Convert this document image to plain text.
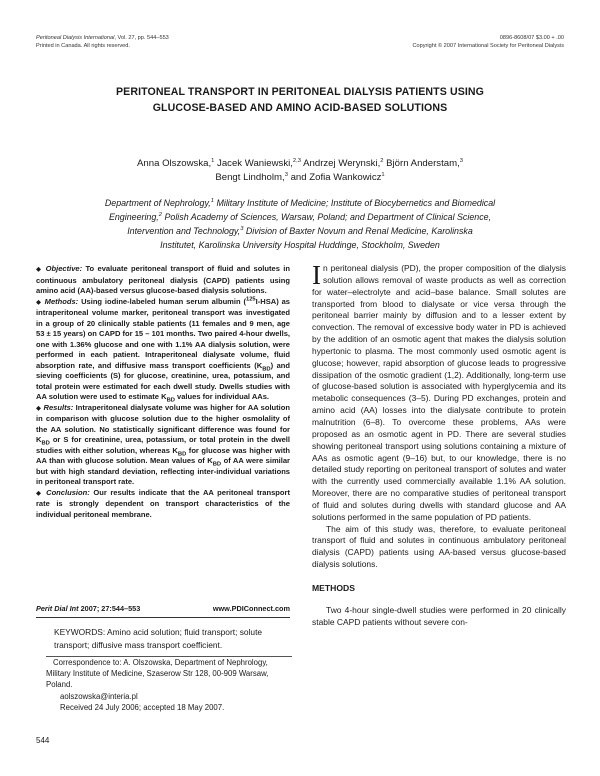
Peritoneal Dialysis International, Vol. 27, pp. 544–553
Printed in Canada. All rights reserved.
0896-8608/07 $3.00 + .00
Copyright © 2007 International Society for Peritoneal Dialysis
PERITONEAL TRANSPORT IN PERITONEAL DIALYSIS PATIENTS USING
GLUCOSE-BASED AND AMINO ACID-BASED SOLUTIONS
Anna Olszowska,$^1$ Jacek Waniewski,$^{2,3}$ Andrzej Werynski,$^2$ Björn Anderstam,$^3$
Bengt Lindholm,$^3$ and Zofia Wankowicz$^1$
Department of Nephrology,$^1$ Military Institute of Medicine; Institute of Biocybernetics and Biomedical
Engineering,$^2$ Polish Academy of Sciences, Warsaw, Poland; and Department of Clinical Science,
Intervention and Technology,$^3$ Division of Baxter Novum and Renal Medicine, Karolinska
Institutet, Karolinska University Hospital Huddinge, Stockholm, Sweden

◆ Objective: To evaluate peritoneal transport of fluid and solutes in continuous ambulatory peritoneal dialysis (CAPD) patients using amino acid (AA)-based versus glucose-based dialysis solutions.

◆ Methods: Using iodine-labeled human serum albumin ($^{125}$I-HSA) as intraperitoneal volume marker, peritoneal transport was investigated in a group of 20 clinically stable patients (11 females and 9 men, age 53 ± 15 years) on CAPD for 15 – 101 months. Two paired 4-hour dwells, one with 1.36% glucose and one with 1.1% AA dialysis solution, were performed in each patient. Intraperitoneal dialysate volume, fluid absorption rate, and diffusive mass transport coefficients $(K_{BD})$ and sieving coefficients (S) for glucose, creatinine, urea, potassium, and total protein were estimated for each dwell study. Dwells studies with AA solution were used to estimate $K_{BD}$ values for individual AAs.

◆ Results: Intraperitoneal dialysate volume was higher for AA solution in comparison with glucose solution due to the higher osmolality of the AA solution. No statistically significant difference was found for $K_{BD}$ or S for creatinine, urea, potassium, or total protein in the dwell studies with either solution, whereas $K_{BD}$ for glucose was higher with AA than with glucose solution. Mean values of $K_{BD}$ of AA were similar but with high standard deviation, reflecting inter-individual variations in peritoneal transport rate.

◆ Conclusion: Our results indicate that the AA peritoneal transport rate is strongly dependent on transport characteristics of the individual peritoneal membrane.

Perit Dial Int 2007; 27:544–553	www.PDIConnect.com
KEYWORDS: Amino acid solution; fluid transport; solute transport; diffusive mass transport coefficient.

Correspondence to: A. Olszowska, Department of Nephrology, Military Institute of Medicine, Szaserow Str 128, 00-909 Warsaw, Poland.

aolszowska@interia.pl

Received 24 July 2006; accepted 18 May 2007.

544

In peritoneal dialysis (PD), the proper composition of the dialysis solution allows removal of waste products as well as correction for water–electrolyte and acid–base balance. Small solutes are transported from blood to dialysate or vice versa through the peritoneal barrier mainly by diffusion and to a lesser extent by convection. The removal of excessive body water in PD is achieved by the addition of an osmotic agent that makes the dialysis solution hypertonic to plasma. The most commonly used osmotic agent is glucose; however, rapid absorption of glucose leads to progressive dissipation of the osmotic gradient (1,2). Additionally, long-term use of glucose-based solution is associated with hyperglycemia and its metabolic consequences (3–5). During PD exchanges, protein and amino acid (AA) losses into the dialysate contribute to protein malnutrition (6–8). To overcome these problems, AAs were proposed as an osmotic agent in PD. There are several studies showing peritoneal transport using solutions containing a mixture of AAs as osmotic agent (9–16) but, to our knowledge, there is no detailed study reporting on peritoneal transport of solutes and water with the currently used commercially available 1.1% AA solution. Moreover, there are no comparative studies of peritoneal transport of fluid and solutes during dwells with standard glucose and AA solutions performed in the same population of PD patients.

The aim of this study was, therefore, to evaluate peritoneal transport of fluid and solutes in continuous ambulatory peritoneal dialysis (CAPD) patients using AA-based versus glucose-based dialysis solutions.

METHODS

Two 4-hour single-dwell studies were performed in 20 clinically stable CAPD patients without severe con-
